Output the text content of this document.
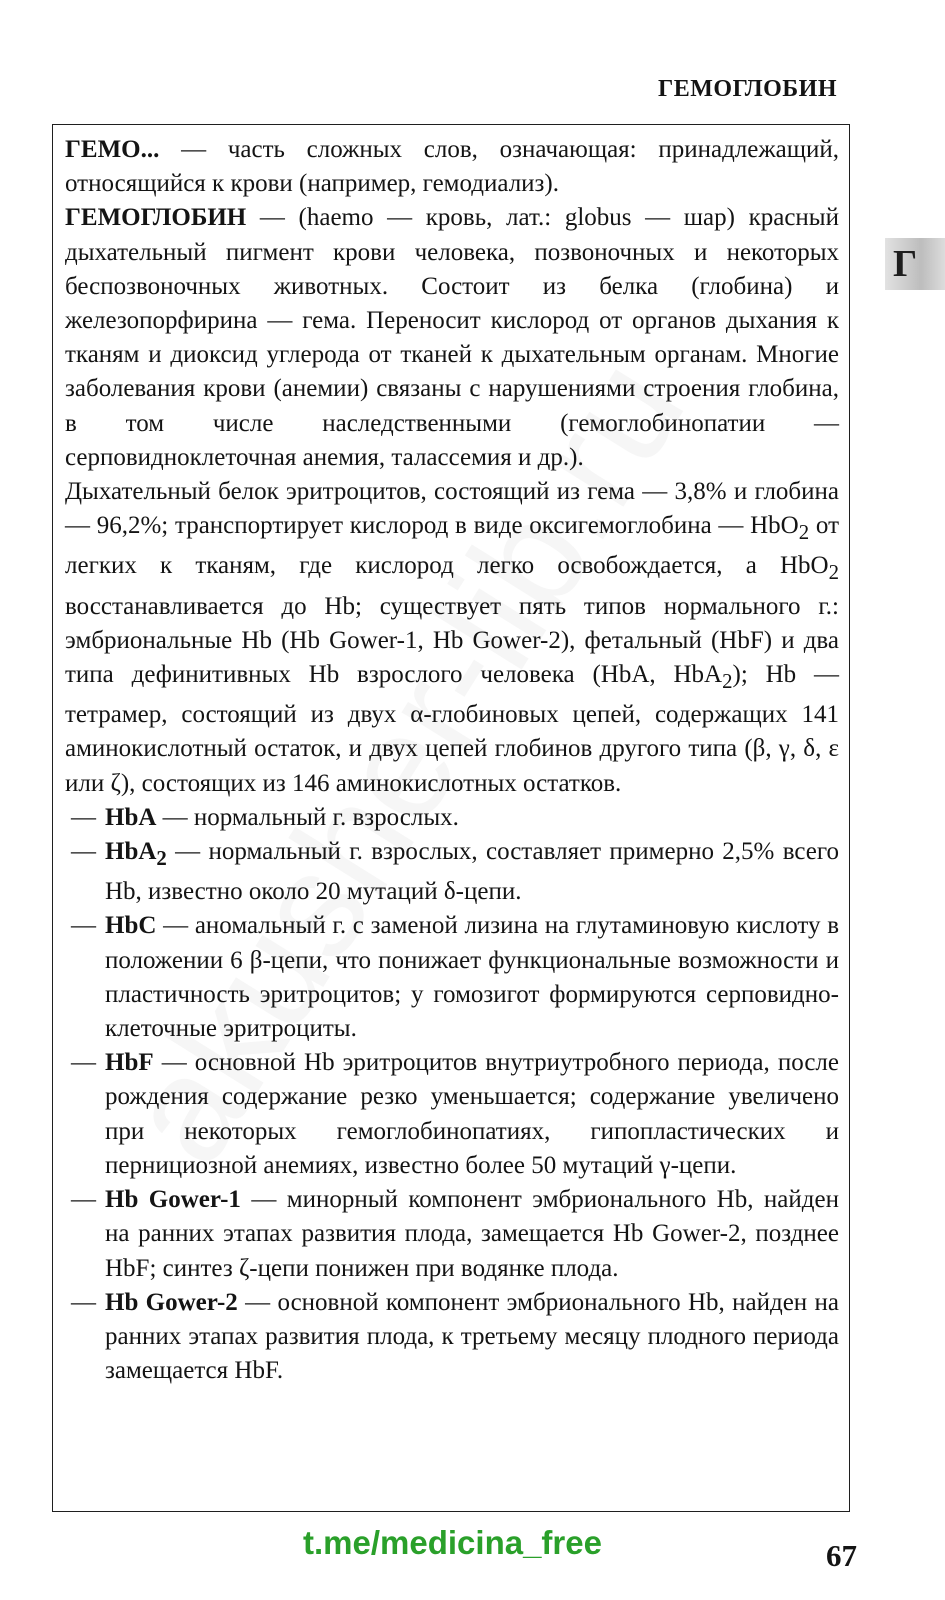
ГЕМОГЛОБИН
Г

ГЕМО... — часть сложных слов, означающая: принадлежащий, относящийся к крови (например, гемодиализ).

ГЕМОГЛОБИН — (haemo — кровь, лат.: globus — шар) красный дыхательный пигмент крови человека, позвоночных и некоторых беспозвоночных животных. Состоит из белка (глобина) и железопорфирина — гема. Переносит кислород от органов дыхания к тканям и диоксид углерода от тканей к дыхательным органам. Многие заболевания крови (анемии) связаны с нарушениями строения глобина, в том числе наследственными (гемоглобинопатии — серповидноклеточная анемия, талассемия и др.).

Дыхательный белок эритроцитов, состоящий из гема — 3,8% и глобина — 96,2%; транспортирует кислород в виде оксигемоглобина — HbO$_2$ от легких к тканям, где кислород легко освобождается, а HbO$_2$ восстанавливается до Hb; существует пять типов нормального г.: эмбриональные Hb (Hb Gower-1, Hb Gower-2), фетальный (HbF) и два типа дефинитивных Hb взрослого человека (HbA, HbA$_2$); Hb — тетрамер, состоящий из двух α-глобиновых цепей, содержащих 141 аминокислотный остаток, и двух цепей глобинов другого типа (β, γ, δ, ε или ζ), состоящих из 146 аминокислотных остатков.

— HbA — нормальный г. взрослых.
— HbA$_2$ — нормальный г. взрослых, составляет примерно 2,5% всего Hb, известно около 20 мутаций δ-цепи.
— HbC — аномальный г. с заменой лизина на глутаминовую кислоту в положении 6 β-цепи, что понижает функциональные возможности и пластичность эритроцитов; у гомозигот формируются серповидно-клеточные эритроциты.
— HbF — основной Hb эритроцитов внутриутробного периода, после рождения содержание резко уменьшается; содержание увеличено при некоторых гемоглобинопатиях, гипопластических и пернициозной анемиях, известно более 50 мутаций γ-цепи.
— Hb Gower-1 — минорный компонент эмбрионального Hb, найден на ранних этапах развития плода, замещается Hb Gower-2, позднее HbF; синтез ζ-цепи понижен при водянке плода.
— Hb Gower-2 — основной компонент эмбрионального Hb, найден на ранних этапах развития плода, к третьему месяцу плодного периода замещается HbF.
t.me/medicina_free	67
